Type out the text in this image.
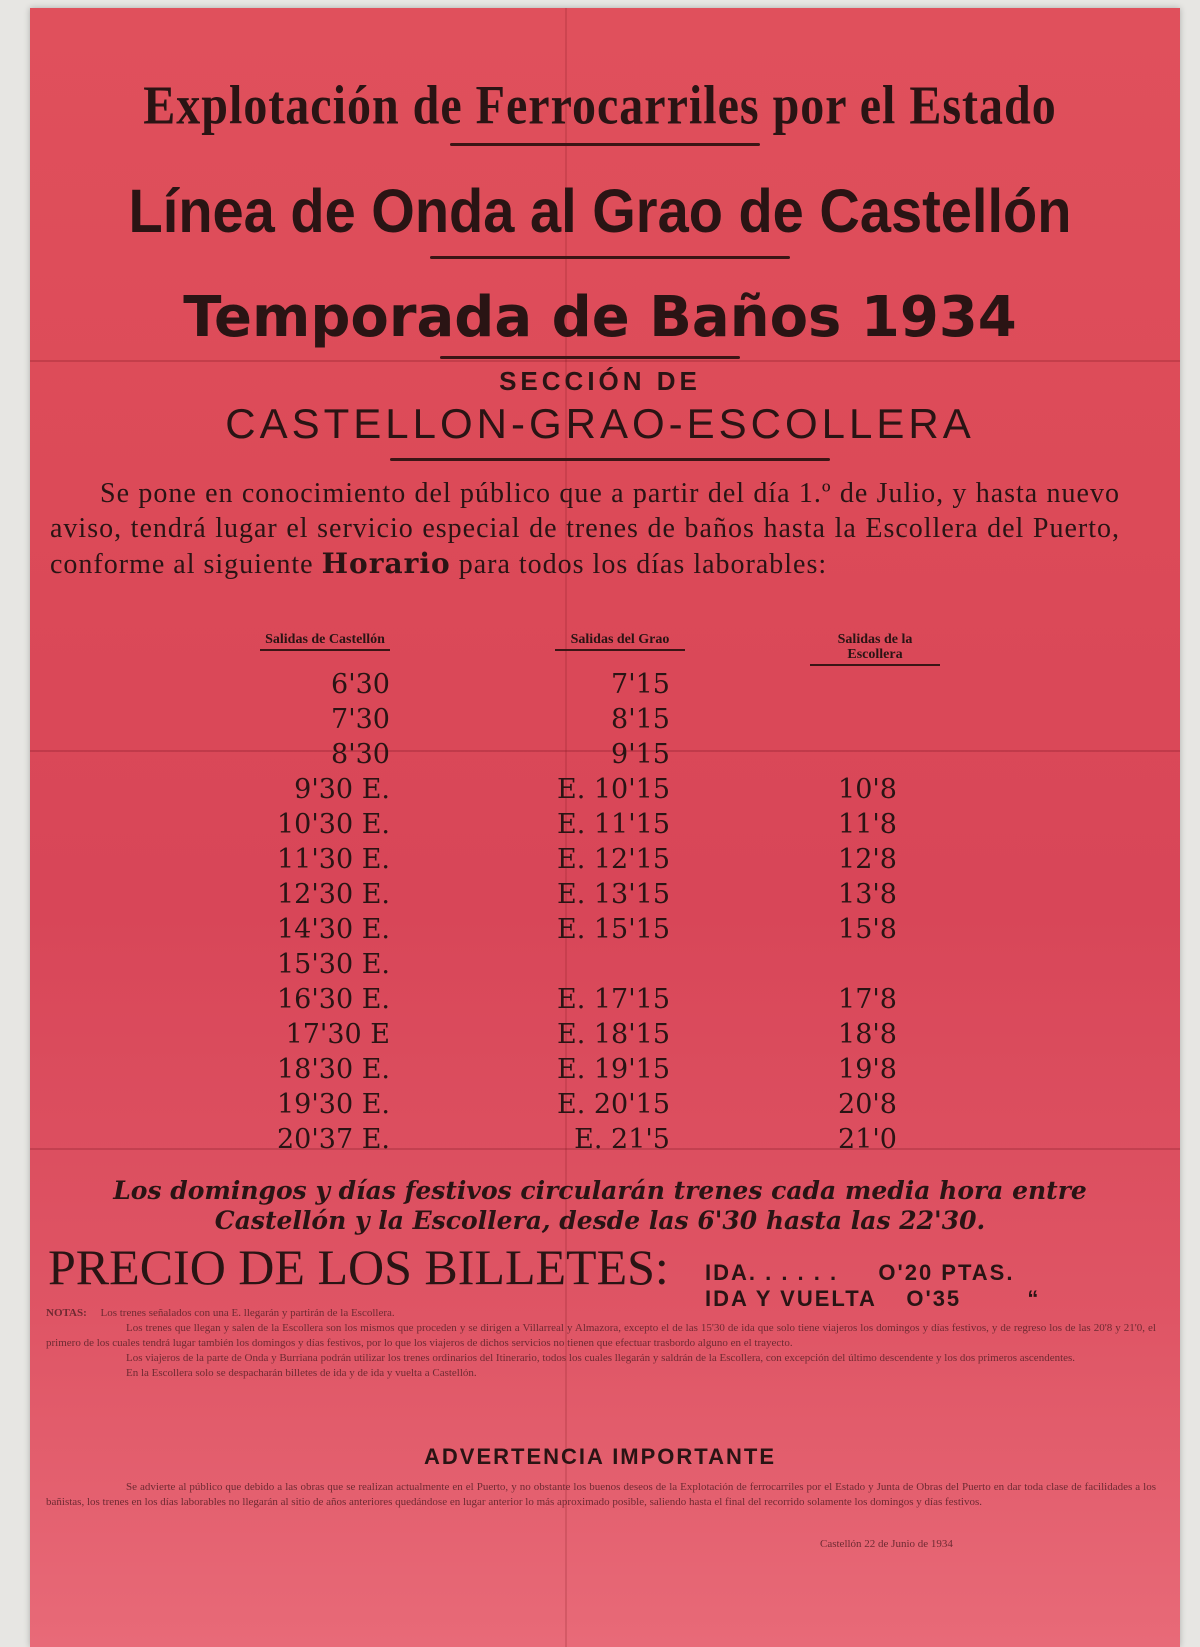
Explotación de Ferrocarriles por el Estado
Línea de Onda al Grao de Castellón
Temporada de Baños 1934
SECCIÓN DE
CASTELLON-GRAO-ESCOLLERA
Se pone en conocimiento del público que a partir del día 1.º de Julio, y hasta nuevo aviso, tendrá lugar el servicio especial de trenes de baños hasta la Escollera del Puerto, conforme al siguiente Horario para todos los días laborables:
Salidas de Castellón	Salidas del Grao	Salidas de la Escollera
6'30	7'15
7'30	8'15
8'30	9'15
9'30 E.	E. 10'15	10'8
10'30 E.	E. 11'15	11'8
11'30 E.	E. 12'15	12'8
12'30 E.	E. 13'15	13'8
14'30 E.	E. 15'15	15'8
15'30 E.
16'30 E.	E. 17'15	17'8
17'30 E	E. 18'15	18'8
18'30 E.	E. 19'15	19'8
19'30 E.	E. 20'15	20'8
20'37 E.	E. 21'5	21'0
Los domingos y días festivos circularán trenes cada media hora entre Castellón y la Escollera, desde las 6'30 hasta las 22'30.
PRECIO DE LOS BILLETES: IDA. . . . . . O'20 PTAS.
IDA Y VUELTA O'35	“

NOTAS: Los trenes señalados con una E. llegarán y partirán de la Escollera.

Los trenes que llegan y salen de la Escollera son los mismos que proceden y se dirigen a Villarreal y Almazora, excepto el de las 15'30 de ida que solo tiene viajeros los domingos y días festivos, y de regreso los de las 20'8 y 21'0, el primero de los cuales tendrá lugar también los domingos y días festivos, por lo que los viajeros de dichos servicios no tienen que efectuar trasbordo alguno en el trayecto.

Los viajeros de la parte de Onda y Burriana podrán utilizar los trenes ordinarios del Itinerario, todos los cuales llegarán y saldrán de la Escollera, con excepción del último descendente y los dos primeros ascendentes.

En la Escollera solo se despacharán billetes de ida y de ida y vuelta a Castellón.

ADVERTENCIA IMPORTANTE
Se advierte al público que debido a las obras que se realizan actualmente en el Puerto, y no obstante los buenos deseos de la Explotación de ferrocarriles por el Estado y Junta de Obras del Puerto en dar toda clase de facilidades a los bañistas, los trenes en los días laborables no llegarán al sitio de años anteriores quedándose en lugar anterior lo más aproximado posible, saliendo hasta el final del recorrido solamente los domingos y días festivos.
Castellón 22 de Junio de 1934
